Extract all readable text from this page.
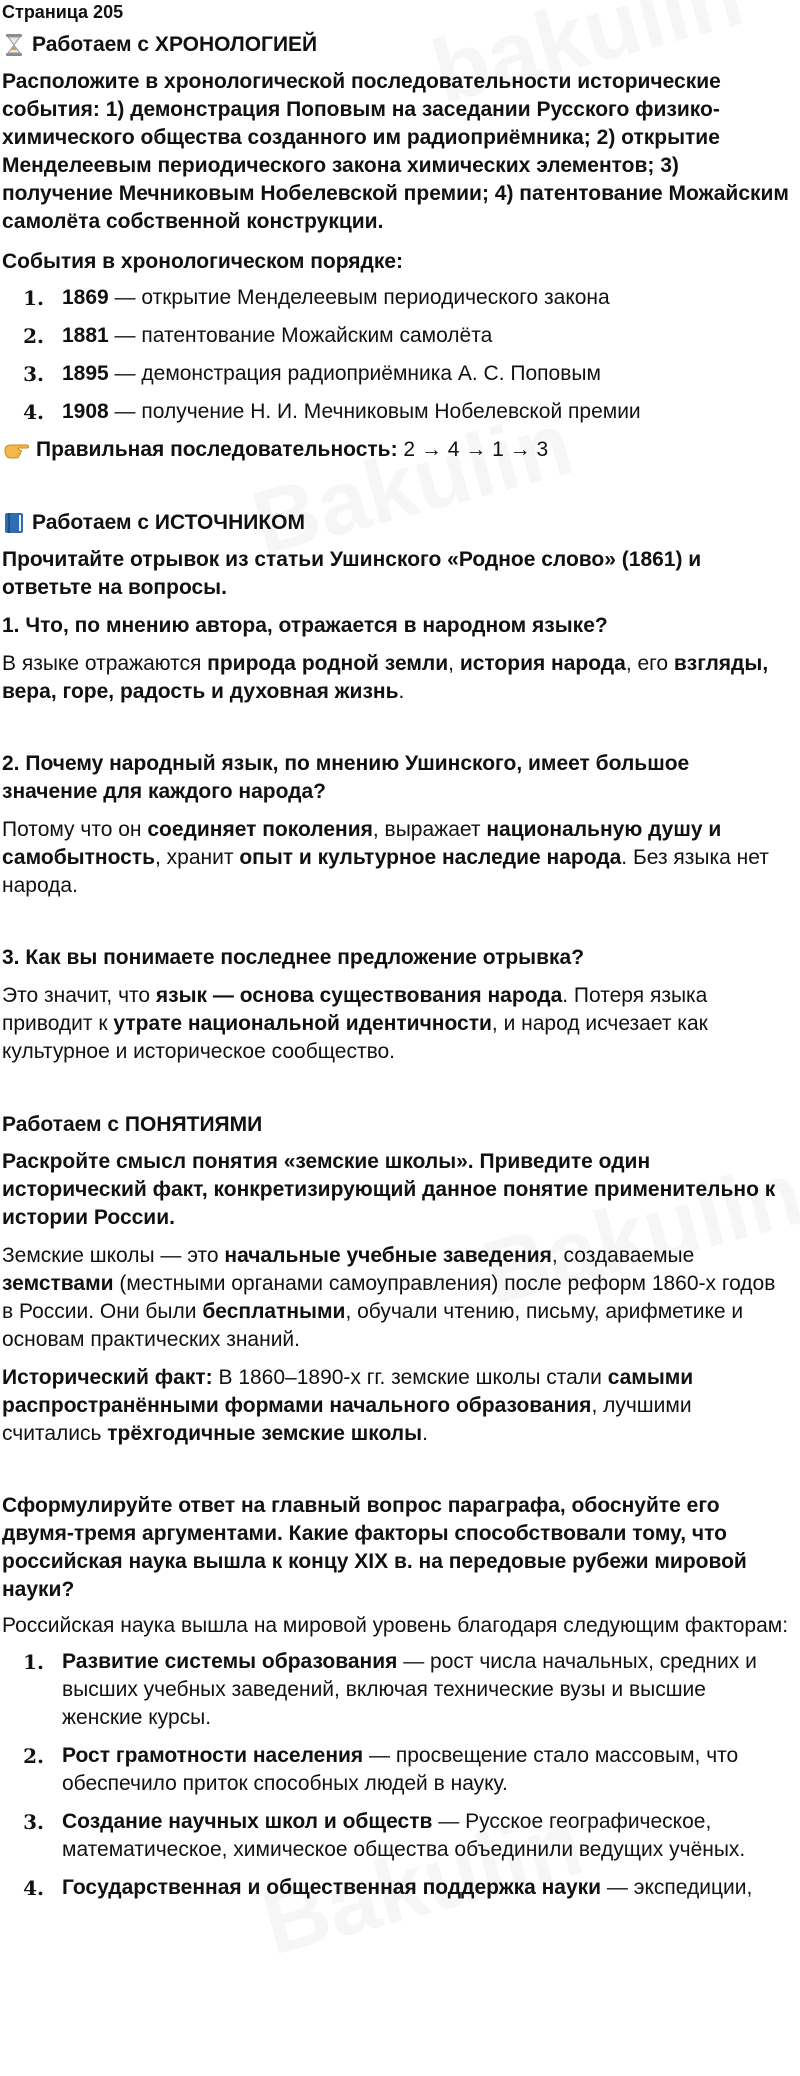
Страница 205
Работаем с ХРОНОЛОГИЕЙ

Расположите в хронологической последовательности исторические события: 1) демонстрация Поповым на заседании Русского физико-химического общества созданного им радиоприёмника; 2) открытие Менделеевым периодического закона химических элементов; 3) получение Мечниковым Нобелевской премии; 4) патентование Можайским самолёта собственной конструкции.

События в хронологическом порядке:

1. 1869 — открытие Менделеевым периодического закона
2. 1881 — патентование Можайским самолёта
3. 1895 — демонстрация радиоприёмника А. С. Поповым
4. 1908 — получение Н. И. Мечниковым Нобелевской премии
Правильная последовательность: 2 → 4 → 1 → 3
Работаем с ИСТОЧНИКОМ

Прочитайте отрывок из статьи Ушинского «Родное слово» (1861) и ответьте на вопросы.

1. Что, по мнению автора, отражается в народном языке?

В языке отражаются природа родной земли, история народа, его взгляды, вера, горе, радость и духовная жизнь.

2. Почему народный язык, по мнению Ушинского, имеет большое значение для каждого народа?

Потому что он соединяет поколения, выражает национальную душу и самобытность, хранит опыт и культурное наследие народа. Без языка нет народа.

3. Как вы понимаете последнее предложение отрывка?

Это значит, что язык — основа существования народа. Потеря языка приводит к утрате национальной идентичности, и народ исчезает как культурное и историческое сообщество.

Работаем с ПОНЯТИЯМИ

Раскройте смысл понятия «земские школы». Приведите один исторический факт, конкретизирующий данное понятие применительно к истории России.

Земские школы — это начальные учебные заведения, создаваемые земствами (местными органами самоуправления) после реформ 1860-х годов в России. Они были бесплатными, обучали чтению, письму, арифметике и основам практических знаний.

Исторический факт: В 1860–1890-х гг. земские школы стали самыми распространёнными формами начального образования, лучшими считались трёхгодичные земские школы.

Сформулируйте ответ на главный вопрос параграфа, обоснуйте его двумя-тремя аргументами. Какие факторы способствовали тому, что российская наука вышла к концу XIX в. на передовые рубежи мировой науки?

Российская наука вышла на мировой уровень благодаря следующим факторам:

1. Развитие системы образования — рост числа начальных, средних и высших учебных заведений, включая технические вузы и высшие женские курсы.
2. Рост грамотности населения — просвещение стало массовым, что обеспечило приток способных людей в науку.
3. Создание научных школ и обществ — Русское географическое, математическое, химическое общества объединили ведущих учёных.
4. Государственная и общественная поддержка науки — экспедиции,
